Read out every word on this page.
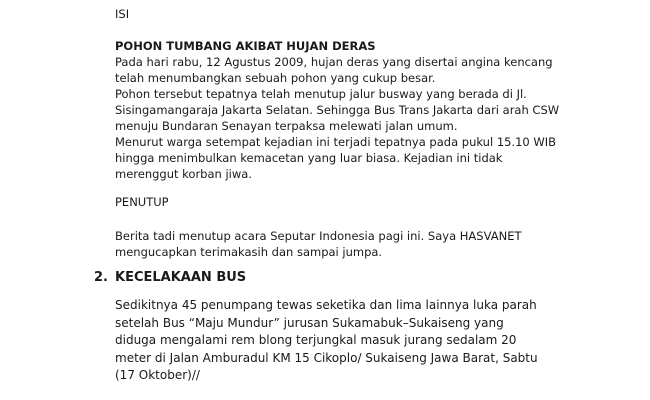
ISI
POHON TUMBANG AKIBAT HUJAN DERAS
Pada hari rabu, 12 Agustus 2009, hujan deras yang disertai angina kencang
telah menumbangkan sebuah pohon yang cukup besar.
Pohon tersebut tepatnya telah menutup jalur busway yang berada di Jl.
Sisingamangaraja Jakarta Selatan. Sehingga Bus Trans Jakarta dari arah CSW
menuju Bundaran Senayan terpaksa melewati jalan umum.
Menurut warga setempat kejadian ini terjadi tepatnya pada pukul 15.10 WIB
hingga menimbulkan kemacetan yang luar biasa. Kejadian ini tidak
merenggut korban jiwa.
PENUTUP
Berita tadi menutup acara Seputar Indonesia pagi ini. Saya HASVANET
mengucapkan terimakasih dan sampai jumpa.
2. KECELAKAAN BUS
Sedikitnya 45 penumpang tewas seketika dan lima lainnya luka parah
setelah Bus “Maju Mundur” jurusan Sukamabuk–Sukaiseng yang
diduga mengalami rem blong terjungkal masuk jurang sedalam 20
meter di Jalan Amburadul KM 15 Cikoplo/ Sukaiseng Jawa Barat, Sabtu
(17 Oktober)//
